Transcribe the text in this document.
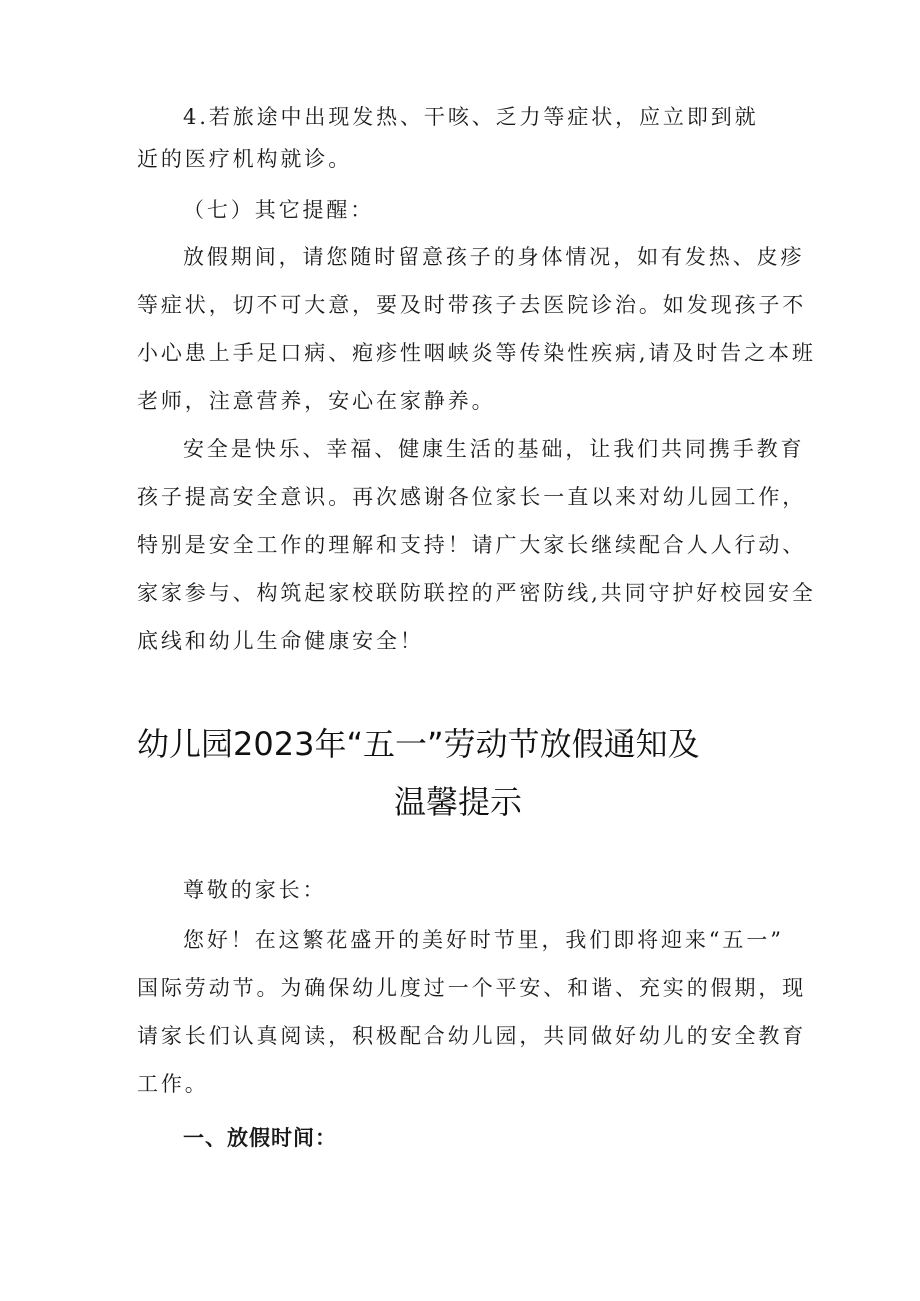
4.若旅途中出现发热、干咳、乏力等症状，应立即到就
近的医疗机构就诊。
（七）其它提醒：
放假期间，请您随时留意孩子的身体情况，如有发热、皮疹
等症状，切不可大意，要及时带孩子去医院诊治。如发现孩子不
小心患上手足口病、疱疹性咽峡炎等传染性疾病,请及时告之本班
老师，注意营养，安心在家静养。
安全是快乐、幸福、健康生活的基础，让我们共同携手教育
孩子提高安全意识。再次感谢各位家长一直以来对幼儿园工作，
特别是安全工作的理解和支持！请广大家长继续配合人人行动、
家家参与、构筑起家校联防联控的严密防线,共同守护好校园安全
底线和幼儿生命健康安全！
幼儿园2023年“五一”劳动节放假通知及
温馨提示
尊敬的家长：
您好！在这繁花盛开的美好时节里，我们即将迎来“五一”
国际劳动节。为确保幼儿度过一个平安、和谐、充实的假期，现
请家长们认真阅读，积极配合幼儿园，共同做好幼儿的安全教育
工作。
一、放假时间：
